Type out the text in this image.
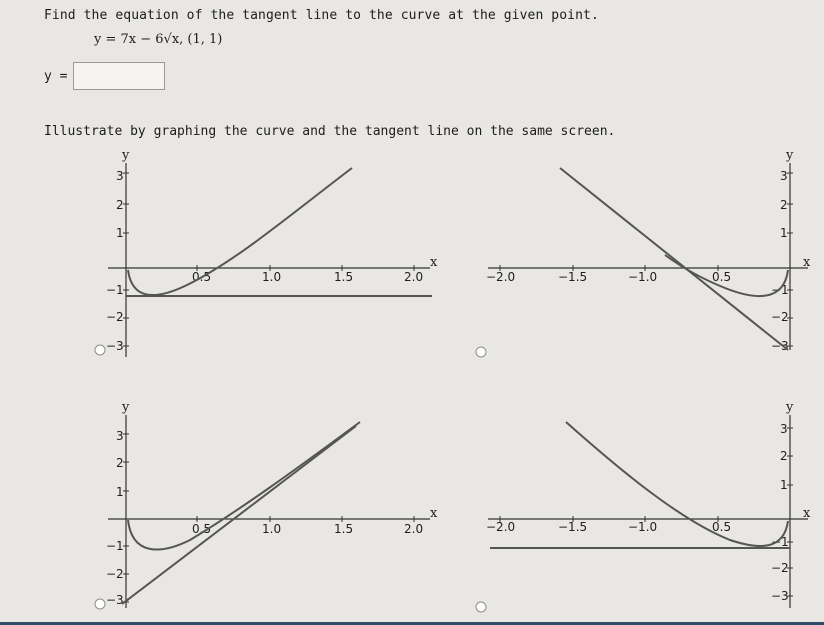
Find the equation of the tangent line to the curve at the given point.
y = 7x − 6√x, (1, 1)
y =
Illustrate by graphing the curve and the tangent line on the same screen.
y
x
3
2
1
−1
−2
−3
0.5	1.0	1.5	2.0
y
x
3
2
1
−1
−2
−3
−2.0	−1.5	−1.0	0.5
y
x
3
2
1
−1
−2
−3
0.5	1.0	1.5	2.0
y
x
3
2
1
−1
−2
−3
−2.0	−1.5	−1.0	0.5
